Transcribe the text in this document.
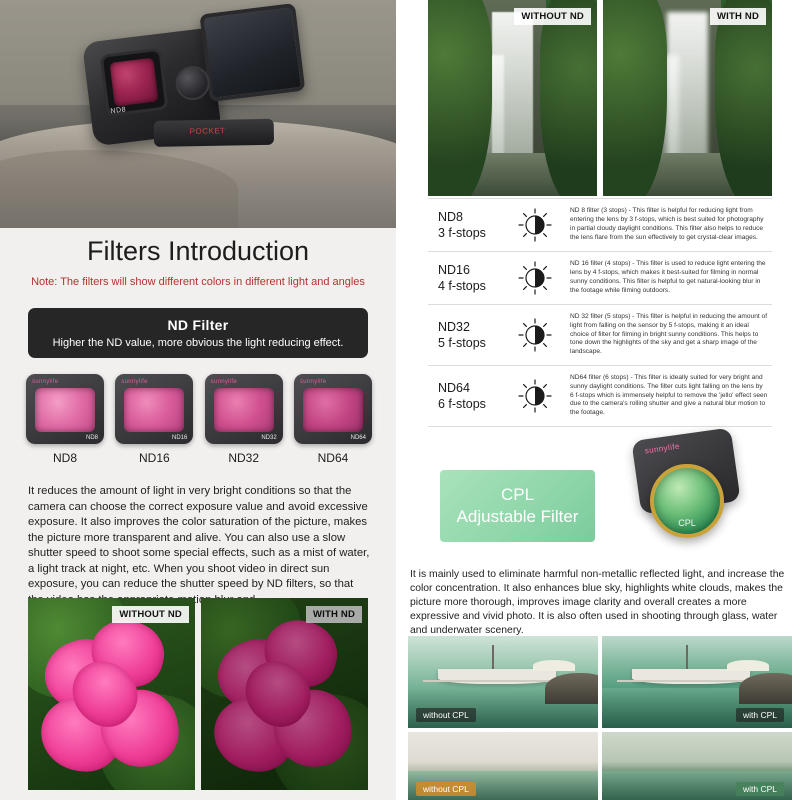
ND8
POCKET
Filters Introduction
Note: The filters will show different colors in different light and angles
ND Filter
Higher the ND value, more obvious the light reducing effect.
sunnylife
ND8
ND8
sunnylife
ND16
ND16
sunnylife
ND32
ND32
sunnylife
ND64
ND64
It reduces the amount of light in very bright conditions so that the camera can choose the correct exposure value and avoid excessive exposure. It also improves the color saturation of the picture, makes the picture more transparent and alive. You can also use a slow shutter speed to shoot some special effects, such as a mist of water, a light track at night, etc. When you shoot video in direct sun exposure, you can reduce the shutter speed by ND filters, so that
WITHOUT ND	WITH ND
WITHOUT ND	WITH ND
ND8
3 f-stops
ND 8 filter (3 stops) - This filter is helpful for reducing light from entering the lens by 3 f-stops, which is best suited for photography in partial cloudy daylight conditions. This filter also helps to reduce the lens flare from the sun effectively to get crystal-clear images.
ND16
4 f-stops
ND 16 filter (4 stops) - This filter is used to reduce light entering the lens by 4 f-stops, which makes it best-suited for filming in normal sunny conditions. This filter is helpful to get natural-looking blur in the footage while filming outdoors.
ND32
5 f-stops
ND 32 filter (5 stops) - This filter is helpful in reducing the amount of light from falling on the sensor by 5 f-stops, making it an ideal choice of filter for filming in bright sunny conditions. This helps to tone down the highlights of the sky and get a sharp image of the landscape.
ND64
6 f-stops
ND64 filter (6 stops) - This filter is ideally suited for very bright and sunny daylight conditions. The filter cuts light falling on the lens by 6 f-stops which is immensely helpful to remove the 'jello' effect seen due to the camera's rolling shutter and give a natural blur motion to the footage.
CPL
Adjustable Filter
sunnylife
CPL
It is mainly used to eliminate harmful non-metallic reflected light, and increase the color concentration. It also enhances blue sky, highlights white clouds, makes the picture more thorough, improves image clarity and overall creates a more expressive and vivid photo. It is also often used in shooting through glass, water and underwater scenery.
without CPL	with CPL
without CPL	with CPL
